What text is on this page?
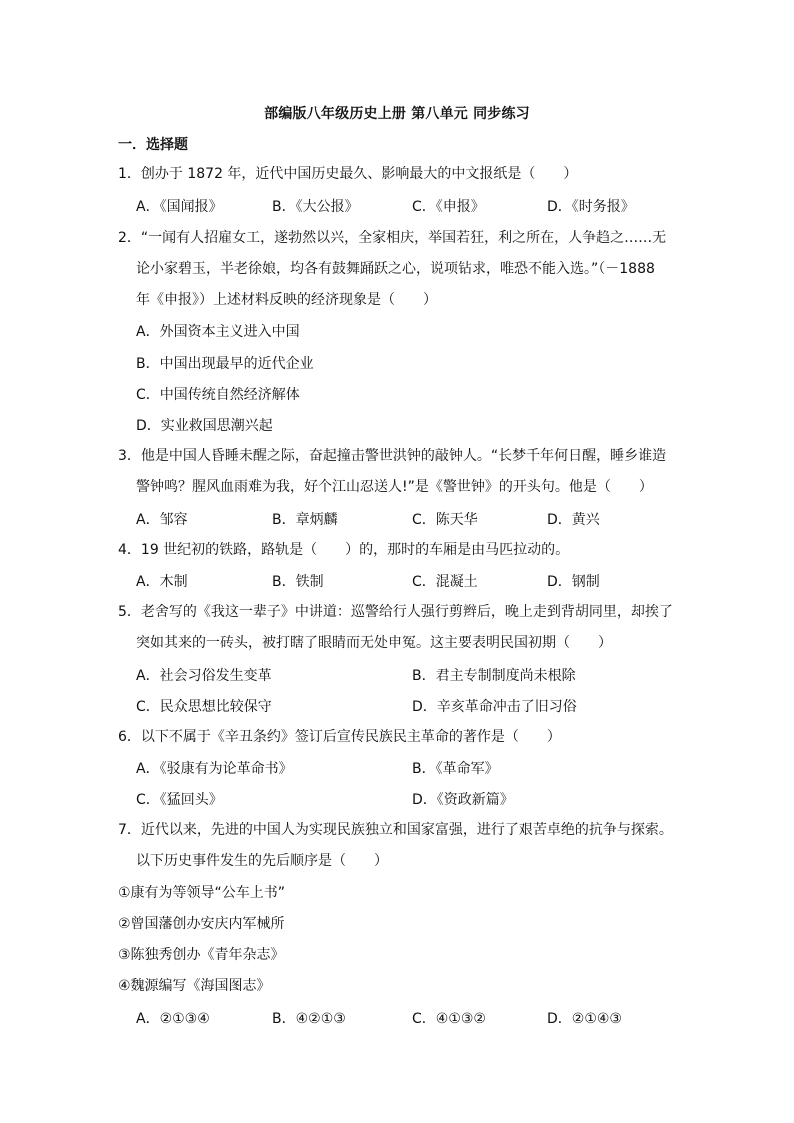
部编版八年级历史上册 第八单元 同步练习
一．选择题
1．创办于 1872 年，近代中国历史最久、影响最大的中文报纸是（　　）
A．《国闻报》	B．《大公报》	C．《申报》	D．《时务报》
2．“一闻有人招雇女工，遂勃然以兴，全家相庆，举国若狂，利之所在，人争趋之……无
论小家碧玉，半老徐娘，均各有鼓舞踊跃之心，说项钻求，唯恐不能入选。”（－1888
年《申报》）上述材料反映的经济现象是（　　）
A．外国资本主义进入中国
B．中国出现最早的近代企业
C．中国传统自然经济解体
D．实业救国思潮兴起
3．他是中国人昏睡未醒之际，奋起撞击警世洪钟的敲钟人。“长梦千年何日醒，睡乡谁造
警钟鸣？腥风血雨难为我，好个江山忍送人!”是《警世钟》的开头句。他是（　　）
A．邹容	B．章炳麟	C．陈天华	D．黄兴
4．19 世纪初的铁路，路轨是（　　）的，那时的车厢是由马匹拉动的。
A．木制	B．铁制	C．混凝土	D．钢制
5．老舍写的《我这一辈子》中讲道：巡警给行人强行剪辫后，晚上走到背胡同里，却挨了
突如其来的一砖头，被打瞎了眼睛而无处申冤。这主要表明民国初期（　　）
A．社会习俗发生变革	B．君主专制制度尚未根除
C．民众思想比较保守	D．辛亥革命冲击了旧习俗
6．以下不属于《辛丑条约》签订后宣传民族民主革命的著作是（　　）
A．《驳康有为论革命书》	B．《革命军》
C．《猛回头》	D．《资政新篇》
7．近代以来，先进的中国人为实现民族独立和国家富强，进行了艰苦卓绝的抗争与探索。
以下历史事件发生的先后顺序是（　　）
①康有为等领导“公车上书”
②曾国藩创办安庆内军械所
③陈独秀创办《青年杂志》
④魏源编写《海国图志》
A．②①③④	B．④②①③	C．④①③②	D．②①④③
